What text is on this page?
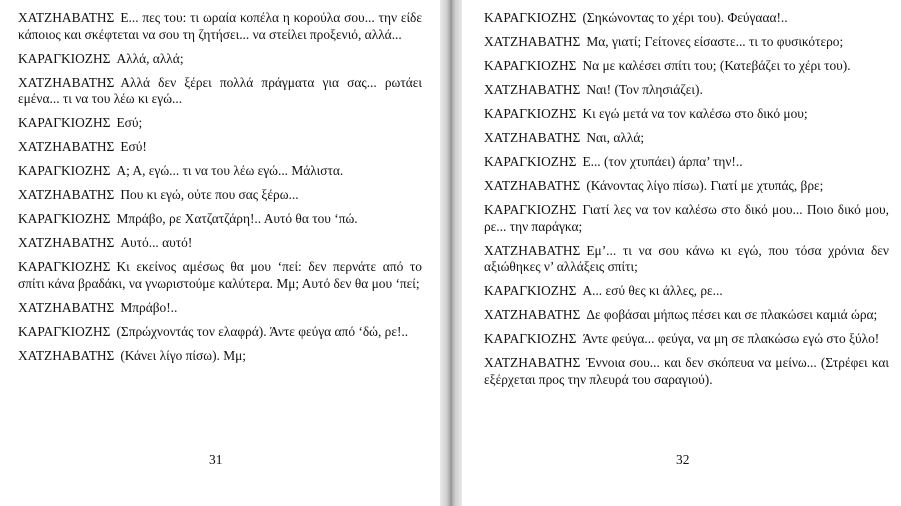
ΧΑΤΖΗΑΒΑΤΗΣ Ε... πες του: τι ωραία κοπέλα η κορούλα σου... την είδε κάποιος και σκέφτεται να σου τη ζητήσει... να στείλει προξενιό, αλλά...

ΚΑΡΑΓΚΙΟΖΗΣ Αλλά, αλλά;

ΧΑΤΖΗΑΒΑΤΗΣ Αλλά δεν ξέρει πολλά πράγματα για σας... ρωτάει εμένα... τι να του λέω κι εγώ...

ΚΑΡΑΓΚΙΟΖΗΣ Εσύ;

ΧΑΤΖΗΑΒΑΤΗΣ Εσύ!

ΚΑΡΑΓΚΙΟΖΗΣ Α; Α, εγώ... τι να του λέω εγώ... Μάλιστα.

ΧΑΤΖΗΑΒΑΤΗΣ Που κι εγώ, ούτε που σας ξέρω...

ΚΑΡΑΓΚΙΟΖΗΣ Μπράβο, ρε Χατζατζάρη!.. Αυτό θα του ‘πώ.

ΧΑΤΖΗΑΒΑΤΗΣ Αυτό... αυτό!

ΚΑΡΑΓΚΙΟΖΗΣ Κι εκείνος αμέσως θα μου ‘πεί: δεν περνάτε από το σπίτι κάνα βραδάκι, να γνωριστούμε καλύτερα. Μμ; Αυτό δεν θα μου ‘πεί;

ΧΑΤΖΗΑΒΑΤΗΣ Μπράβο!..

ΚΑΡΑΓΚΙΟΖΗΣ (Σπρώχνοντάς τον ελαφρά). Άντε φεύγα από ‘δώ, ρε!..

ΧΑΤΖΗΑΒΑΤΗΣ (Κάνει λίγο πίσω). Μμ;

31

ΚΑΡΑΓΚΙΟΖΗΣ (Σηκώνοντας το χέρι του). Φεύγααα!..

ΧΑΤΖΗΑΒΑΤΗΣ Μα, γιατί; Γείτονες είσαστε... τι το φυσικότερο;

ΚΑΡΑΓΚΙΟΖΗΣ Να με καλέσει σπίτι του; (Κατεβάζει το χέρι του).

ΧΑΤΖΗΑΒΑΤΗΣ Ναι! (Τον πλησιάζει).

ΚΑΡΑΓΚΙΟΖΗΣ Κι εγώ μετά να τον καλέσω στο δικό μου;

ΧΑΤΖΗΑΒΑΤΗΣ Ναι, αλλά;

ΚΑΡΑΓΚΙΟΖΗΣ Ε... (τον χτυπάει) άρπα’ την!..

ΧΑΤΖΗΑΒΑΤΗΣ (Κάνοντας λίγο πίσω). Γιατί με χτυπάς, βρε;

ΚΑΡΑΓΚΙΟΖΗΣ Γιατί λες να τον καλέσω στο δικό μου... Ποιο δικό μου, ρε... την παράγκα;

ΧΑΤΖΗΑΒΑΤΗΣ Εμ’... τι να σου κάνω κι εγώ, που τόσα χρόνια δεν αξιώθηκες ν’ αλλάξεις σπίτι;

ΚΑΡΑΓΚΙΟΖΗΣ Α... εσύ θες κι άλλες, ρε...

ΧΑΤΖΗΑΒΑΤΗΣ Δε φοβάσαι μήπως πέσει και σε πλακώσει καμιά ώρα;

ΚΑΡΑΓΚΙΟΖΗΣ Άντε φεύγα... φεύγα, να μη σε πλακώσω εγώ στο ξύλο!

ΧΑΤΖΗΑΒΑΤΗΣ Έννοια σου... και δεν σκόπευα να μείνω... (Στρέφει και εξέρχεται προς την πλευρά του σαραγιού).

32
